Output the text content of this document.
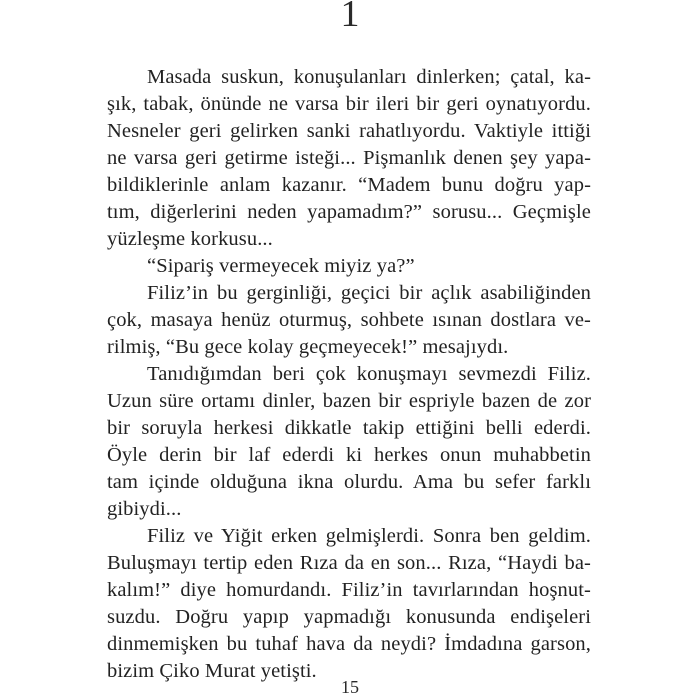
1
Masada suskun, konuşulanları dinlerken; çatal, ka-
şık, tabak, önünde ne varsa bir ileri bir geri oynatıyordu.
Nesneler geri gelirken sanki rahatlıyordu. Vaktiyle ittiği
ne varsa geri getirme isteği... Pişmanlık denen şey yapa-
bildiklerinle anlam kazanır. “Madem bunu doğru yap-
tım, diğerlerini neden yapamadım?” sorusu... Geçmişle
yüzleşme korkusu...
“Sipariş vermeyecek miyiz ya?”
Filiz’in bu gerginliği, geçici bir açlık asabiliğinden
çok, masaya henüz oturmuş, sohbete ısınan dostlara ve-
rilmiş, “Bu gece kolay geçmeyecek!” mesajıydı.
Tanıdığımdan beri çok konuşmayı sevmezdi Filiz.
Uzun süre ortamı dinler, bazen bir espriyle bazen de zor
bir soruyla herkesi dikkatle takip ettiğini belli ederdi.
Öyle derin bir laf ederdi ki herkes onun muhabbetin
tam içinde olduğuna ikna olurdu. Ama bu sefer farklı
gibiydi...
Filiz ve Yiğit erken gelmişlerdi. Sonra ben geldim.
Buluşmayı tertip eden Rıza da en son... Rıza, “Haydi ba-
kalım!” diye homurdandı. Filiz’in tavırlarından hoşnut-
suzdu. Doğru yapıp yapmadığı konusunda endişeleri
dinmemişken bu tuhaf hava da neydi? İmdadına garson,
bizim Çiko Murat yetişti.
15
